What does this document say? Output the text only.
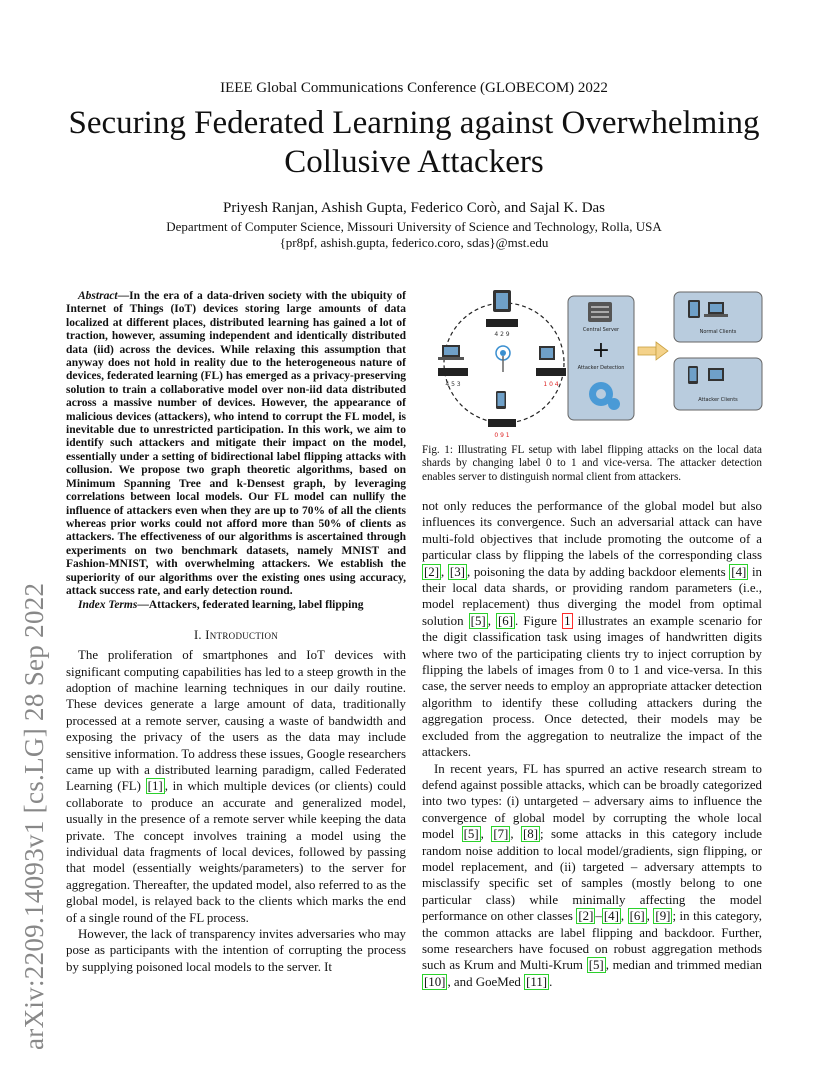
IEEE Global Communications Conference (GLOBECOM) 2022
Securing Federated Learning against Overwhelming
Collusive Attackers
Priyesh Ranjan, Ashish Gupta, Federico Corò, and Sajal K. Das
Department of Computer Science, Missouri University of Science and Technology, Rolla, USA
{pr8pf, ashish.gupta, federico.coro, sdas}@mst.edu
arXiv:2209.14093v1 [cs.LG] 28 Sep 2022

Abstract—In the era of a data-driven society with the ubiquity of Internet of Things (IoT) devices storing large amounts of data localized at different places, distributed learning has gained a lot of traction, however, assuming independent and identically distributed data (iid) across the devices. While relaxing this assumption that anyway does not hold in reality due to the heterogeneous nature of devices, federated learning (FL) has emerged as a privacy-preserving solution to train a collaborative model over non-iid data distributed across a massive number of devices. However, the appearance of malicious devices (attackers), who intend to corrupt the FL model, is inevitable due to unrestricted participation. In this work, we aim to identify such attackers and mitigate their impact on the model, essentially under a setting of bidirectional label flipping attacks with collusion. We propose two graph theoretic algorithms, based on Minimum Spanning Tree and k-Densest graph, by leveraging correlations between local models. Our FL model can nullify the influence of attackers even when they are up to 70% of all the clients whereas prior works could not afford more than 50% of clients as attackers. The effectiveness of our algorithms is ascertained through experiments on two benchmark datasets, namely MNIST and Fashion-MNIST, with overwhelming attackers. We establish the superiority of our algorithms over the existing ones using accuracy, attack success rate, and early detection round.

Index Terms—Attackers, federated learning, label flipping

I. Introduction

The proliferation of smartphones and IoT devices with significant computing capabilities has led to a steep growth in the adoption of machine learning techniques in our daily routine. These devices generate a large amount of data, traditionally processed at a remote server, causing a waste of bandwidth and exposing the privacy of the users as the data may include sensitive information. To address these issues, Google researchers came up with a distributed learning paradigm, called Federated Learning (FL) [1] , in which multiple devices (or clients) could collaborate to produce an accurate and generalized model, usually in the presence of a remote server while keeping the data private. The concept involves training a model using the individual data fragments of local devices, followed by passing that model (essentially weights/parameters) to the server for aggregation. Thereafter, the updated model, also referred to as the global model, is relayed back to the clients which marks the end of a single round of the FL process.

However, the lack of transparency invites adversaries who may pose as participants with the intention of corrupting the process by supplying poisoned local models to the server. It

4 2 9
4 5 3	1 0 4
0 9 1
Central Server
+
Attacker Detection
Normal Clients
Attacker Clients
Fig. 1: Illustrating FL setup with label flipping attacks on the local data shards by changing label 0 to 1 and vice-versa. The attacker detection enables server to distinguish normal client from attackers.

not only reduces the performance of the global model but also influences its convergence. Such an adversarial attack can have multi-fold objectives that include promoting the outcome of a particular class by flipping the labels of the corresponding class [2] , [3] , poisoning the data by adding backdoor elements [4] in their local data shards, or providing random parameters (i.e., model replacement) thus diverging the model from optimal solution [5] , [6] . Figure 1 illustrates an example scenario for the digit classification task using images of handwritten digits where two of the participating clients try to inject corruption by flipping the labels of images from 0 to 1 and vice-versa. In this case, the server needs to employ an appropriate attacker detection algorithm to identify these colluding attackers during the aggregation process. Once detected, their models may be excluded from the aggregation to neutralize the impact of the attackers.

In recent years, FL has spurred an active research stream to defend against possible attacks, which can be broadly categorized into two types: (i) untargeted – adversary aims to influence the convergence of global model by corrupting the whole local model [5] , [7] , [8] ; some attacks in this category include random noise addition to local model/gradients, sign flipping, or model replacement, and (ii) targeted – adversary attempts to misclassify specific set of samples (mostly belong to one particular class) while minimally affecting the model performance on other classes [2] – [4] , [6] , [9] ; in this category, the common attacks are label flipping and backdoor. Further, some researchers have focused on robust aggregation methods such as Krum and Multi-Krum [5] , median and trimmed median [10] , and GoeMed [11] .
